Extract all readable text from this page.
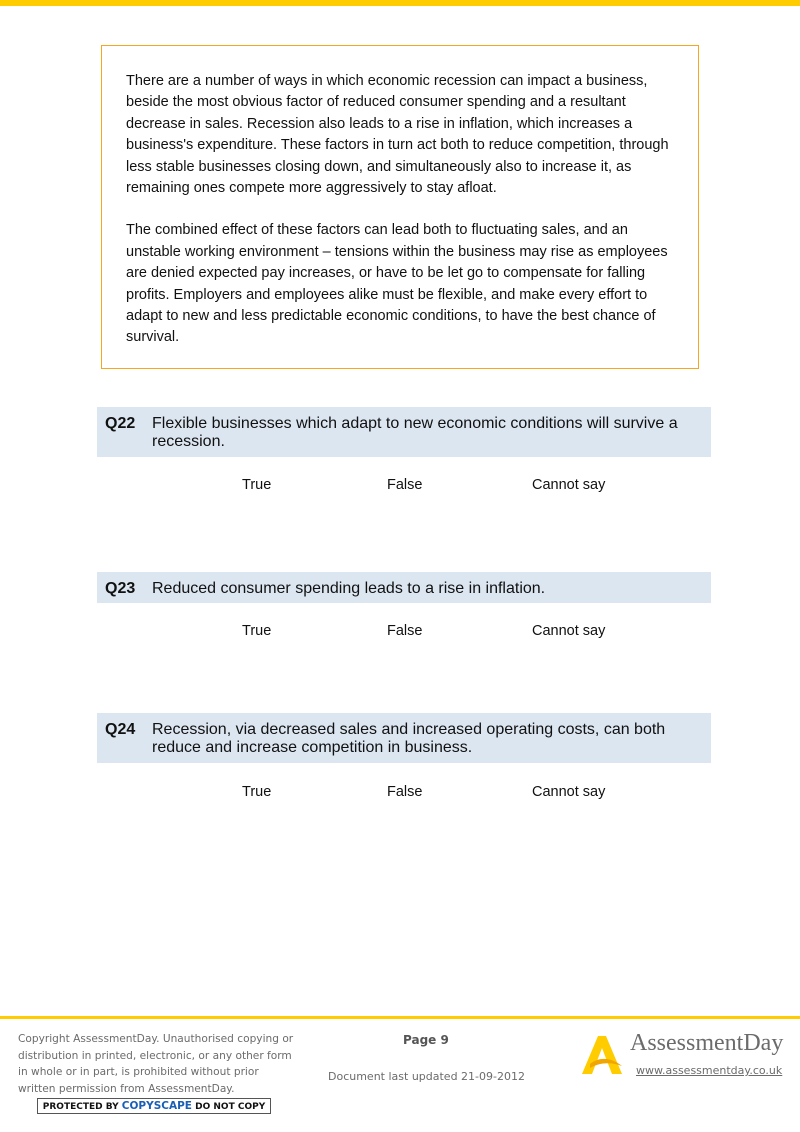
There are a number of ways in which economic recession can impact a business, beside the most obvious factor of reduced consumer spending and a resultant decrease in sales. Recession also leads to a rise in inflation, which increases a business's expenditure. These factors in turn act both to reduce competition, through less stable businesses closing down, and simultaneously also to increase it, as remaining ones compete more aggressively to stay afloat.

The combined effect of these factors can lead both to fluctuating sales, and an unstable working environment – tensions within the business may rise as employees are denied expected pay increases, or have to be let go to compensate for falling profits. Employers and employees alike must be flexible, and make every effort to adapt to new and less predictable economic conditions, to have the best chance of survival.

Q22 Flexible businesses which adapt to new economic conditions will survive a recession.
True	False	Cannot say
Q23 Reduced consumer spending leads to a rise in inflation.
True	False	Cannot say
Q24 Recession, via decreased sales and increased operating costs, can both reduce and increase competition in business.
True	False	Cannot say
Copyright AssessmentDay. Unauthorised copying or distribution in printed, electronic, or any other form in whole or in part, is prohibited without prior written permission from AssessmentDay.
PROTECTED BY COPYSCAPE DO NOT COPY
Page 9
Document last updated 21-09-2012
AssessmentDay
www.assessmentday.co.uk
